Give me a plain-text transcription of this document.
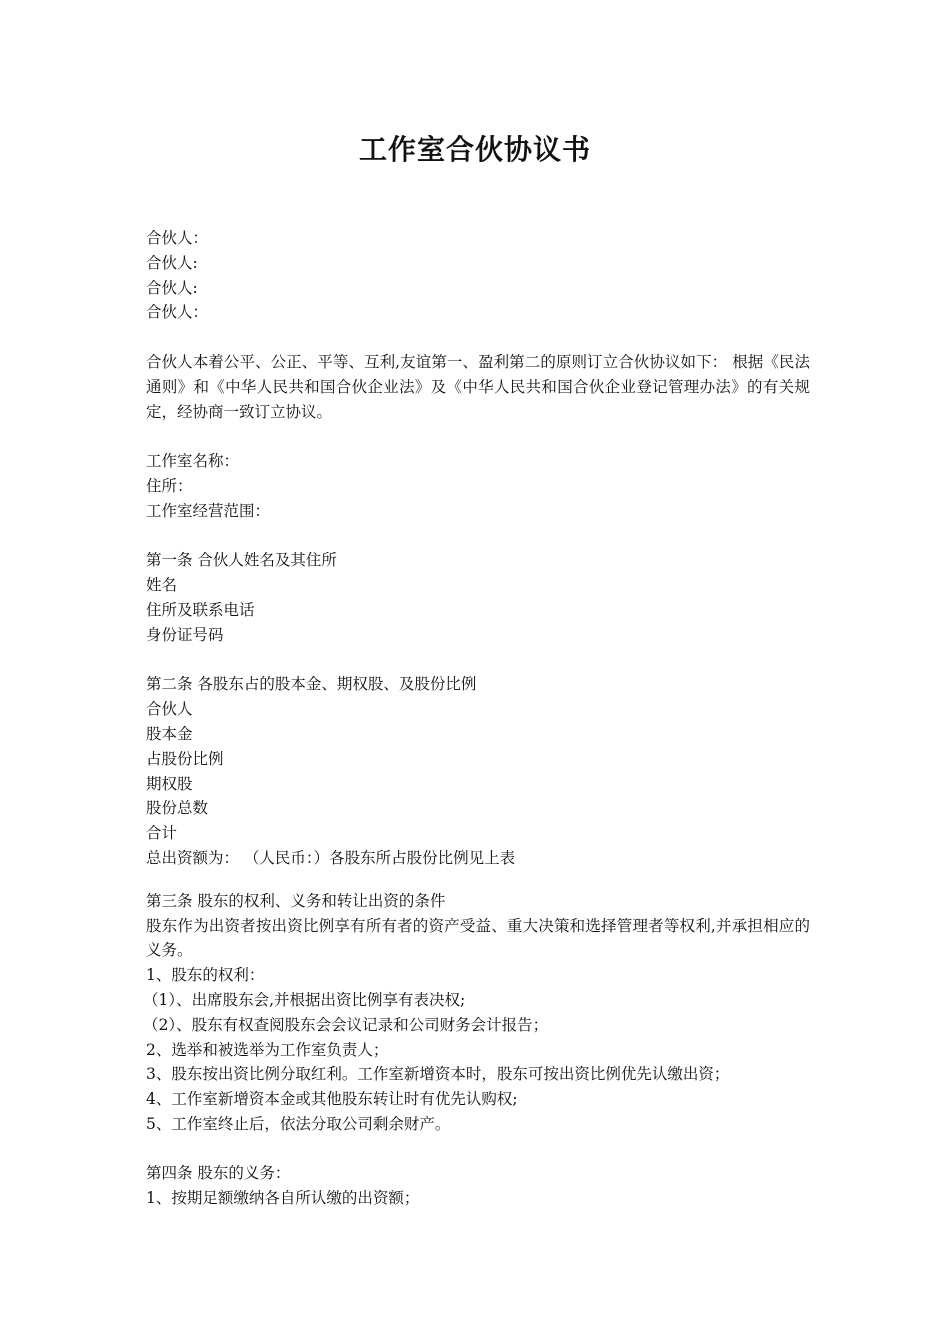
工作室合伙协议书
合伙人：
合伙人:
合伙人:
合伙人：
合伙人本着公平、公正、平等、互利,友谊第一、盈利第二的原则订立合伙协议如下： 根据《民法通则》和《中华人民共和国合伙企业法》及《中华人民共和国合伙企业登记管理办法》的有关规定，经协商一致订立协议。
工作室名称：
住所：
工作室经营范围：
第一条 合伙人姓名及其住所
姓名
住所及联系电话
身份证号码
第二条 各股东占的股本金、期权股、及股份比例
合伙人
股本金
占股份比例
期权股
股份总数
合计
总出资额为： （人民币：）各股东所占股份比例见上表
第三条 股东的权利、义务和转让出资的条件
股东作为出资者按出资比例享有所有者的资产受益、重大决策和选择管理者等权利,并承担相应的义务。
1、股东的权利：
（1）、出席股东会,并根据出资比例享有表决权;
（2）、股东有权查阅股东会会议记录和公司财务会计报告；
2、选举和被选举为工作室负责人；
3、股东按出资比例分取红利。工作室新增资本时，股东可按出资比例优先认缴出资；
4、工作室新增资本金或其他股东转让时有优先认购权;
5、工作室终止后，依法分取公司剩余财产。
第四条 股东的义务：
1、按期足额缴纳各自所认缴的出资额；
